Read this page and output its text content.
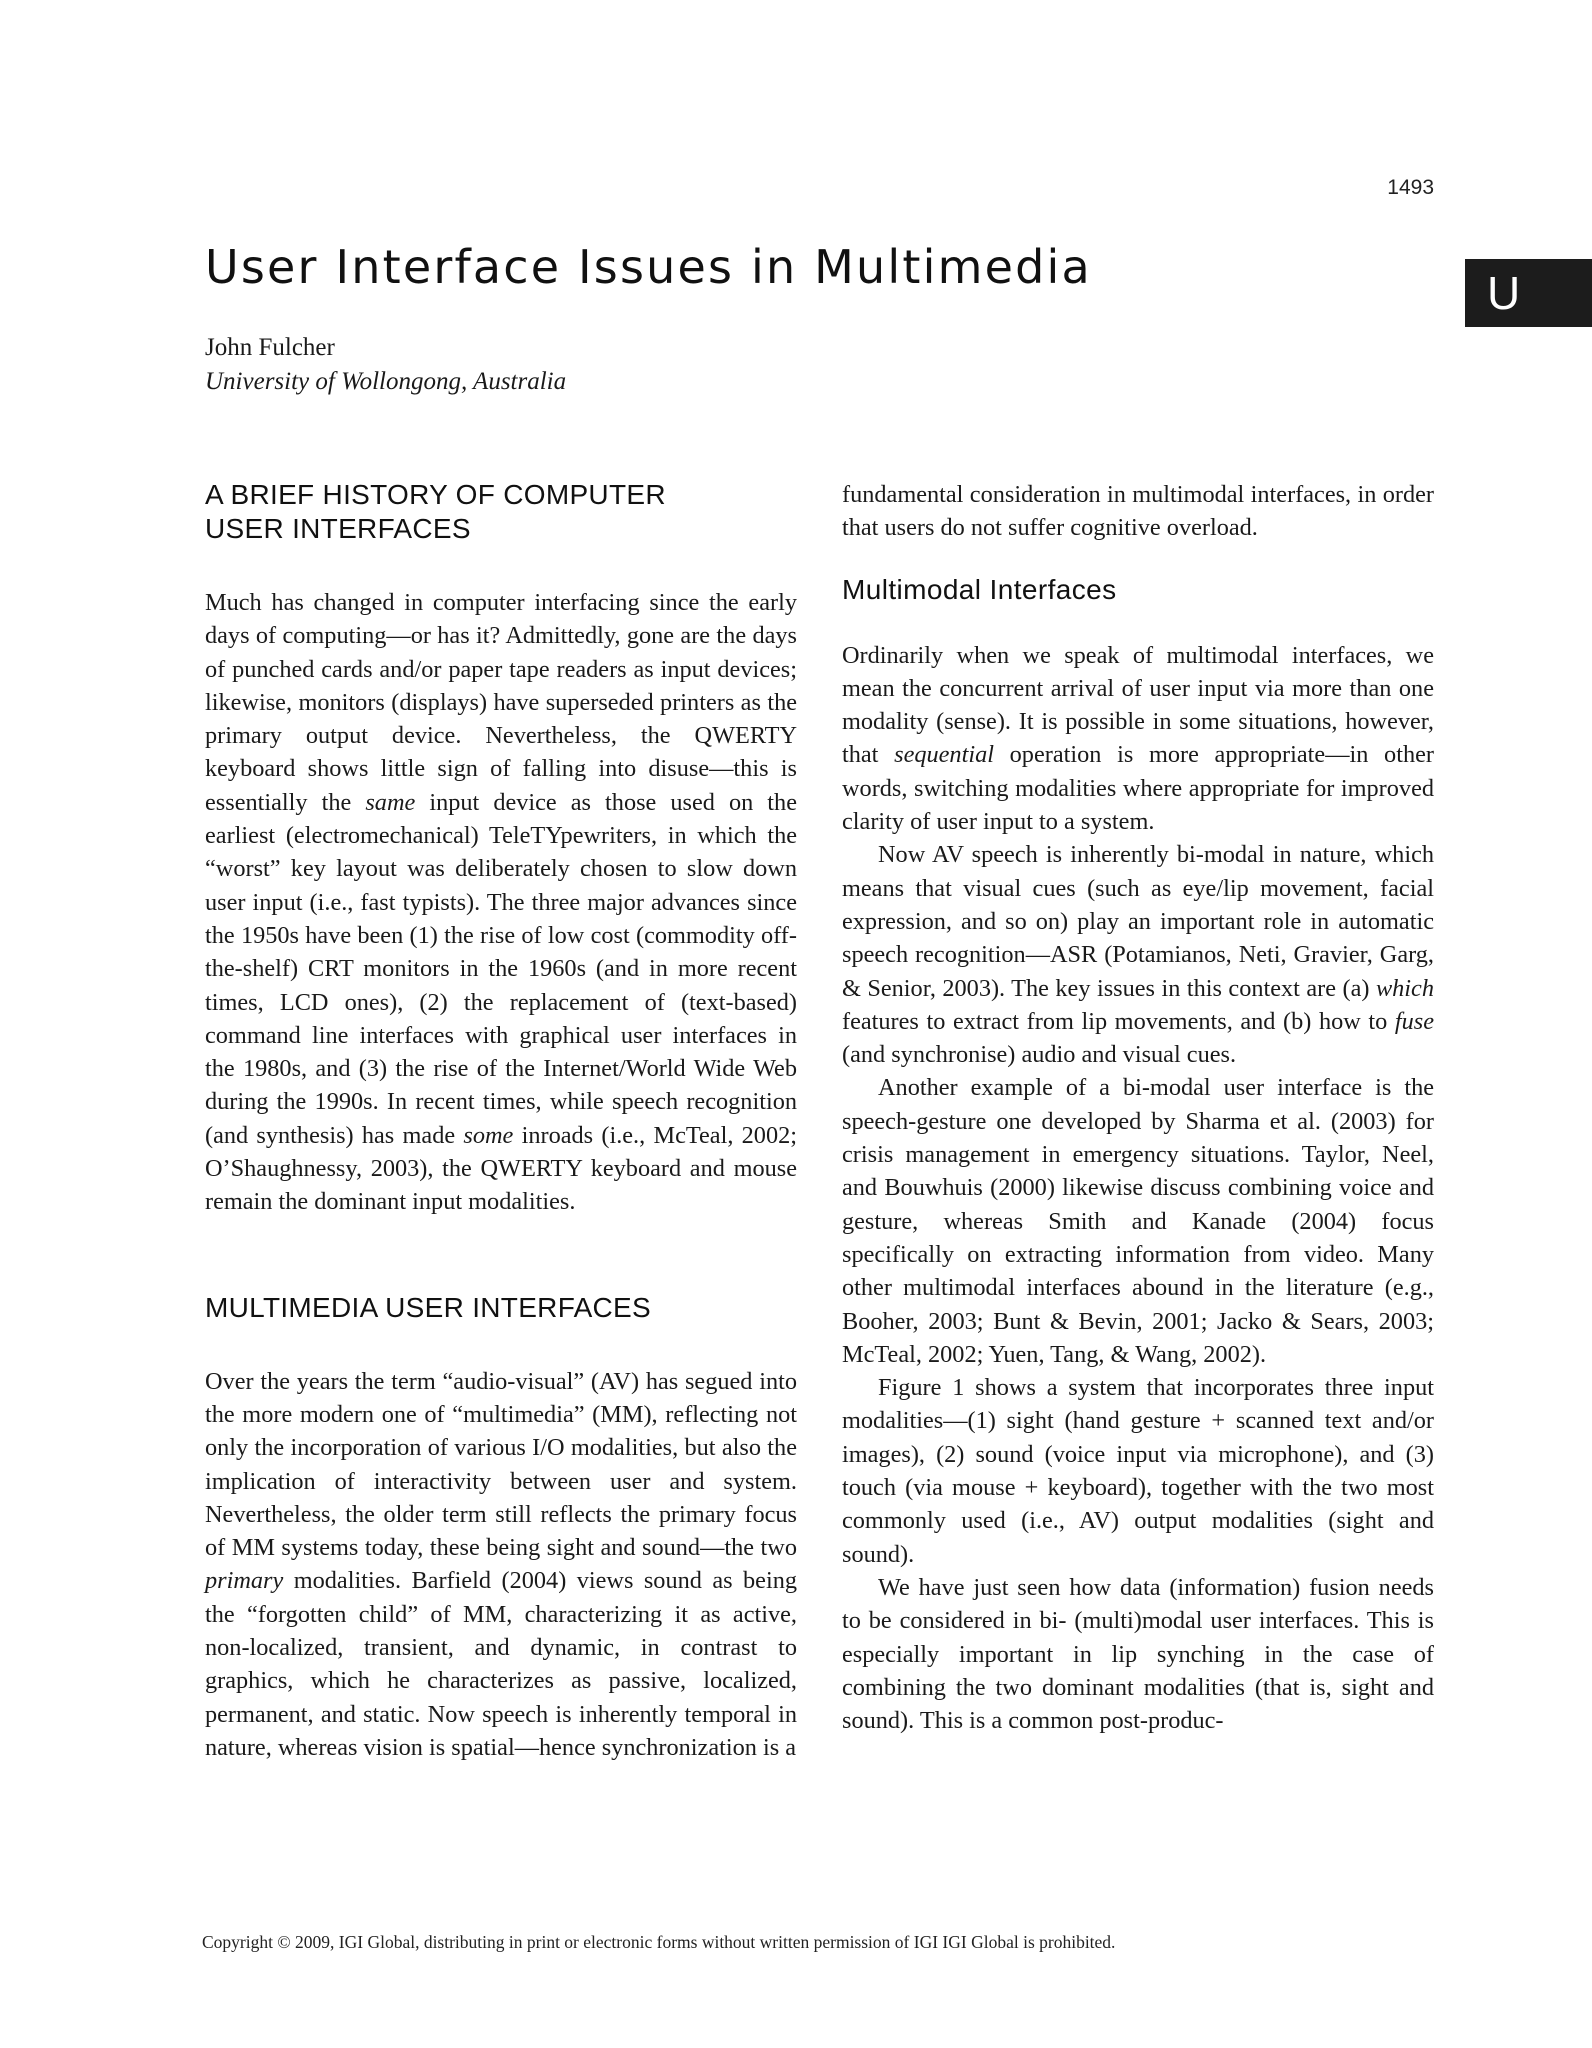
1493
U
User Interface Issues in Multimedia
John Fulcher
University of Wollongong, Australia
A BRIEF HISTORY OF COMPUTER
USER INTERFACES

Much has changed in computer interfacing since the early days of computing—or has it? Admittedly, gone are the days of punched cards and/or paper tape readers as input devices; likewise, monitors (displays) have superseded printers as the primary output device. Nevertheless, the QWERTY keyboard shows little sign of falling into disuse—this is essentially the same input device as those used on the earliest (electromechanical) TeleTYpewriters, in which the “worst” key layout was deliberately chosen to slow down user input (i.e., fast typists). The three major advances since the 1950s have been (1) the rise of low cost (commodity off-the-shelf) CRT monitors in the 1960s (and in more recent times, LCD ones), (2) the replacement of (text-based) command line interfaces with graphical user interfaces in the 1980s, and (3) the rise of the Internet/World Wide Web during the 1990s. In recent times, while speech recognition (and synthesis) has made some inroads (i.e., McTeal, 2002; O’Shaughnessy, 2003), the QWERTY keyboard and mouse remain the dominant input modalities.

MULTIMEDIA USER INTERFACES

Over the years the term “audio-visual” (AV) has segued into the more modern one of “multimedia” (MM), reflecting not only the incorporation of various I/O modalities, but also the implication of interactivity between user and system. Nevertheless, the older term still reflects the primary focus of MM systems today, these being sight and sound—the two primary modalities. Barfield (2004) views sound as being the “forgotten child” of MM, characterizing it as active, non-localized, transient, and dynamic, in contrast to graphics, which he characterizes as passive, localized, permanent, and static. Now speech is inherently temporal in nature, whereas vision is spatial—hence synchronization is a

fundamental consideration in multimodal interfaces, in order that users do not suffer cognitive overload.

Multimodal Interfaces

Ordinarily when we speak of multimodal interfaces, we mean the concurrent arrival of user input via more than one modality (sense). It is possible in some situations, however, that sequential operation is more appropriate—in other words, switching modalities where appropriate for improved clarity of user input to a system.

Now AV speech is inherently bi-modal in nature, which means that visual cues (such as eye/lip movement, facial expression, and so on) play an important role in automatic speech recognition—ASR (Potamianos, Neti, Gravier, Garg, & Senior, 2003). The key issues in this context are (a) which features to extract from lip movements, and (b) how to fuse (and synchronise) audio and visual cues.

Another example of a bi-modal user interface is the speech-gesture one developed by Sharma et al. (2003) for crisis management in emergency situations. Taylor, Neel, and Bouwhuis (2000) likewise discuss combining voice and gesture, whereas Smith and Kanade (2004) focus specifically on extracting information from video. Many other multimodal interfaces abound in the literature (e.g., Booher, 2003; Bunt & Bevin, 2001; Jacko & Sears, 2003; McTeal, 2002; Yuen, Tang, & Wang, 2002).

Figure 1 shows a system that incorporates three input modalities—(1) sight (hand gesture + scanned text and/or images), (2) sound (voice input via microphone), and (3) touch (via mouse + keyboard), together with the two most commonly used (i.e., AV) output modalities (sight and sound).

We have just seen how data (information) fusion needs to be considered in bi- (multi)modal user interfaces. This is especially important in lip synching in the case of combining the two dominant modalities (that is, sight and sound). This is a common post-produc-

Copyright © 2009, IGI Global, distributing in print or electronic forms without written permission of IGI IGI Global is prohibited.
